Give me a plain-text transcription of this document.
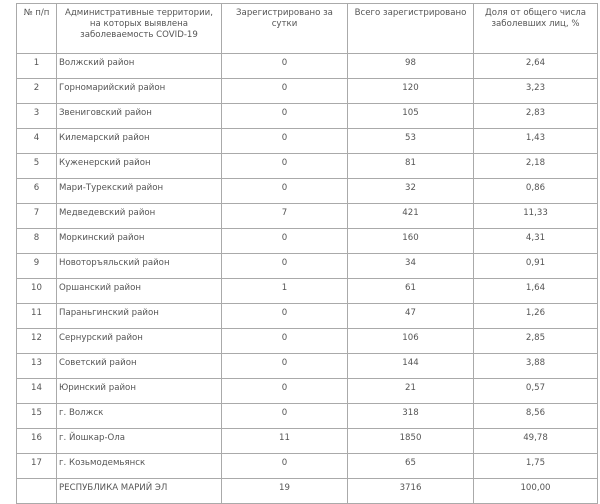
№ п/п	Административные территории, на которых выявлена заболеваемость COVID-19	Зарегистрировано за сутки	Всего зарегистрировано	Доля от общего числа заболевших лиц, %
1	Волжский район	0	98	2,64
2	Горномарийский район	0	120	3,23
3	Звениговский район	0	105	2,83
4	Килемарский район	0	53	1,43
5	Куженерский район	0	81	2,18
6	Мари-Турекский район	0	32	0,86
7	Медведевский район	7	421	11,33
8	Моркинский район	0	160	4,31
9	Новоторъяльский район	0	34	0,91
10	Оршанский район	1	61	1,64
11	Параньгинский район	0	47	1,26
12	Сернурский район	0	106	2,85
13	Советский район	0	144	3,88
14	Юринский район	0	21	0,57
15	г. Волжск	0	318	8,56
16	г. Йошкар-Ола	11	1850	49,78
17	г. Козьмодемьянск	0	65	1,75
	РЕСПУБЛИКА МАРИЙ ЭЛ	19	3716	100,00
